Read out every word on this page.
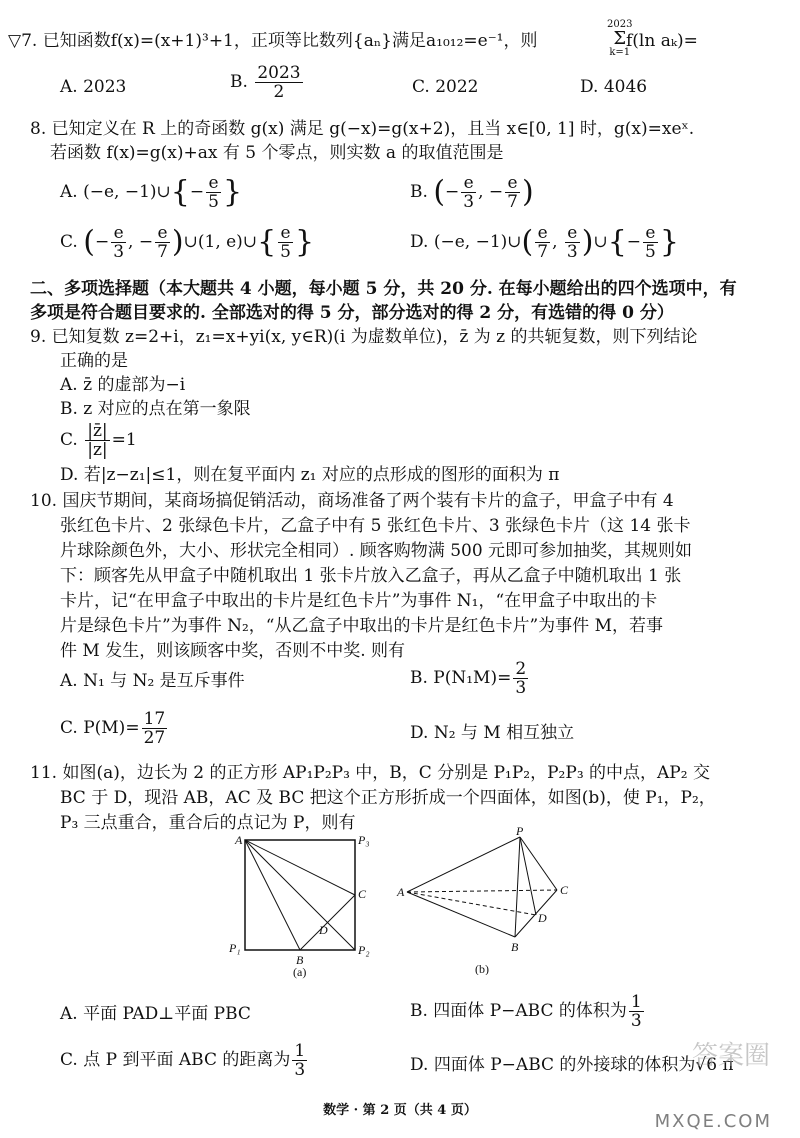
▽7. 已知函数f(x)=(x+1)³+1，正项等比数列{aₙ}满足a₁₀₁₂=e⁻¹，则
2023
Σ
k=1
f(ln aₖ)=
A. 2023	B. $\frac{2023}{2}$	C. 2022	D. 4046
8. 已知定义在 R 上的奇函数 g(x) 满足 g(−x)=g(x+2)，且当 x∈[0, 1] 时，g(x)=xeˣ.
若函数 f(x)=g(x)+ax 有 5 个零点，则实数 a 的取值范围是
A. (−e, −1)∪{− $\frac{e}{5}$ }	B. (− $\frac{e}{3}$ , − $\frac{e}{7}$ )
C. (− $\frac{e}{3}$ , − $\frac{e}{7}$ )∪(1, e)∪{ $\frac{e}{5}$ }	D. (−e, −1)∪( $\frac{e}{7}$ , $\frac{e}{3}$ )∪{− $\frac{e}{5}$ }
二、多项选择题（本大题共 4 小题，每小题 5 分，共 20 分. 在每小题给出的四个选项中，有
多项是符合题目要求的. 全部选对的得 5 分，部分选对的得 2 分，有选错的得 0 分）
9. 已知复数 z=2+i，z₁=x+yi(x, y∈R)(i 为虚数单位)，z̄ 为 z 的共轭复数，则下列结论
正确的是
A. z̄ 的虚部为−i
B. z 对应的点在第一象限
C. $\frac{|z̄|}{|z|} =1$
D. 若|z−z₁|≤1，则在复平面内 z₁ 对应的点形成的图形的面积为 π
10. 国庆节期间，某商场搞促销活动，商场准备了两个装有卡片的盒子，甲盒子中有 4
张红色卡片、2 张绿色卡片，乙盒子中有 5 张红色卡片、3 张绿色卡片（这 14 张卡
片球除颜色外，大小、形状完全相同）. 顾客购物满 500 元即可参加抽奖，其规则如
下：顾客先从甲盒子中随机取出 1 张卡片放入乙盒子，再从乙盒子中随机取出 1 张
卡片，记“在甲盒子中取出的卡片是红色卡片”为事件 N₁，“在甲盒子中取出的卡
片是绿色卡片”为事件 N₂，“从乙盒子中取出的卡片是红色卡片”为事件 M，若事
件 M 发生，则该顾客中奖，否则不中奖. 则有
A. N₁ 与 N₂ 是互斥事件	B. $P(N_1M)= \frac{2}{3}$
C. $P(M)= \frac{17}{27}$	D. N₂ 与 M 相互独立
11. 如图(a)，边长为 2 的正方形 AP₁P₂P₃ 中，B，C 分别是 P₁P₂，P₂P₃ 的中点，AP₂ 交
BC 于 D，现沿 AB，AC 及 BC 把这个正方形折成一个四面体，如图(b)，使 P₁，P₂，
P₃ 三点重合，重合后的点记为 P，则有
A	P₃
C
D
P₁
B
P₂
(a)
P
A	C
D
B
(b)
A. 平面 PAD⊥平面 PBC	B. 四面体 P−ABC 的体积为 $\frac{1}{3}$
C. 点 P 到平面 ABC 的距离为 $\frac{1}{3}$	D. 四面体 P−ABC 的外接球的体积为√6 π
答案圈
数学 · 第 2 页（共 4 页）
MXQE.COM
